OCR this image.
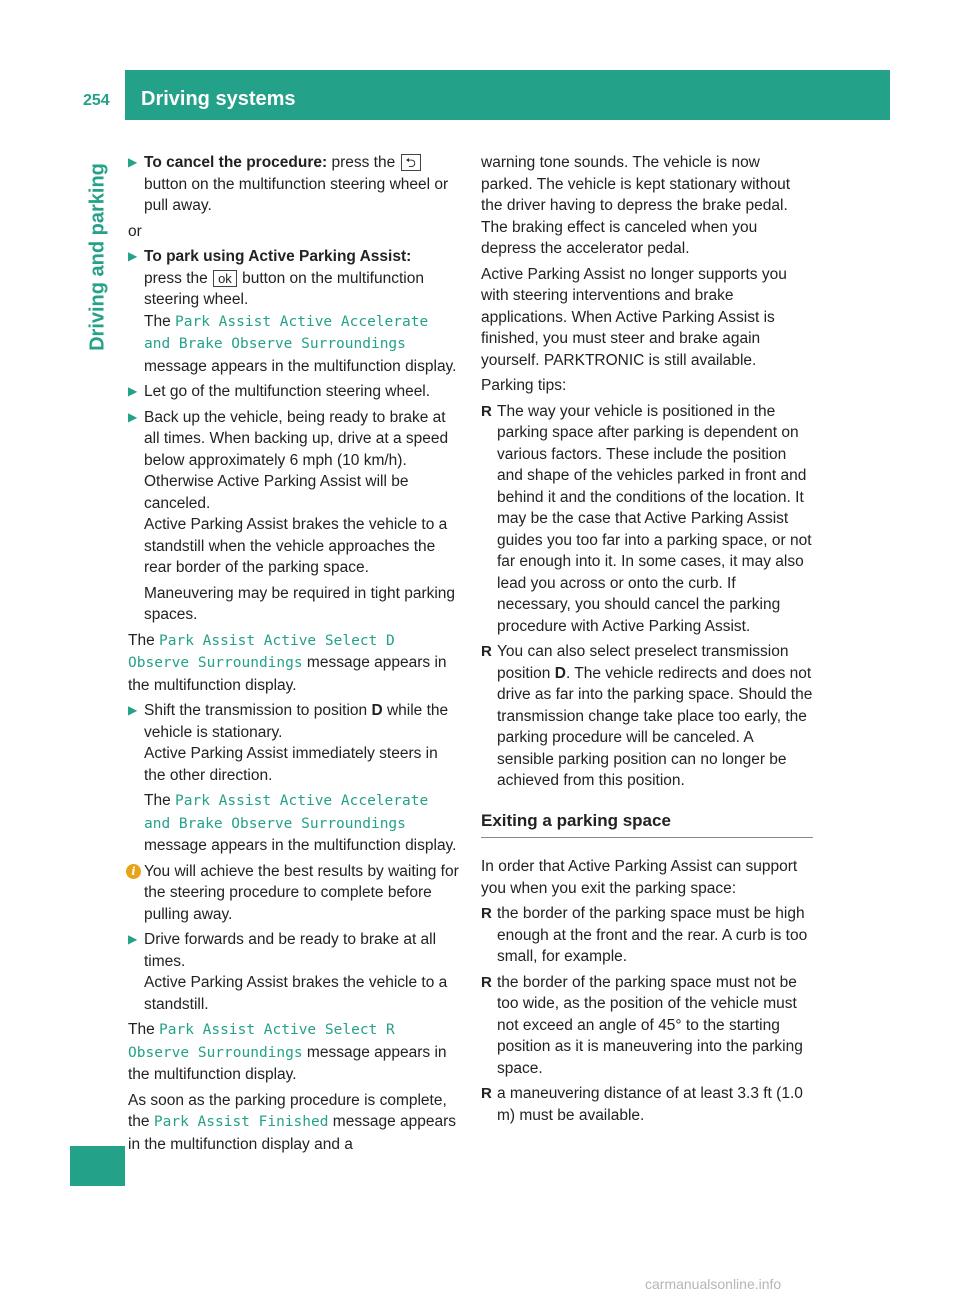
254 Driving systems
Driving and parking
▶ To cancel the procedure: press the ⮌ button on the multifunction steering wheel or pull away.

or

▶ To park using Active Parking Assist:
press the ok button on the multifunction steering wheel.
The Park Assist Active Accelerate and Brake Observe Surroundings message appears in the multifunction display.
▶ Let go of the multifunction steering wheel.
▶ Back up the vehicle, being ready to brake at all times. When backing up, drive at a speed below approximately 6 mph (10 km/h).
Otherwise Active Parking Assist will be canceled.
Active Parking Assist brakes the vehicle to a standstill when the vehicle approaches the rear border of the parking space.

Maneuvering may be required in tight parking spaces.

The Park Assist Active Select D Observe Surroundings message appears in the multifunction display.

▶ Shift the transmission to position D while the vehicle is stationary.
Active Parking Assist immediately steers in the other direction.

The Park Assist Active Accelerate and Brake Observe Surroundings message appears in the multifunction display.

i You will achieve the best results by waiting for the steering procedure to complete before pulling away.
▶ Drive forwards and be ready to brake at all times.
Active Parking Assist brakes the vehicle to a standstill.

The Park Assist Active Select R Observe Surroundings message appears in the multifunction display.

As soon as the parking procedure is complete, the Park Assist Finished message appears in the multifunction display and a

warning tone sounds. The vehicle is now parked. The vehicle is kept stationary without the driver having to depress the brake pedal. The braking effect is canceled when you depress the accelerator pedal.

Active Parking Assist no longer supports you with steering interventions and brake applications. When Active Parking Assist is finished, you must steer and brake again yourself. PARKTRONIC is still available.

Parking tips:

R The way your vehicle is positioned in the parking space after parking is dependent on various factors. These include the position and shape of the vehicles parked in front and behind it and the conditions of the location. It may be the case that Active Parking Assist guides you too far into a parking space, or not far enough into it. In some cases, it may also lead you across or onto the curb. If necessary, you should cancel the parking procedure with Active Parking Assist.
R You can also select preselect transmission position D. The vehicle redirects and does not drive as far into the parking space. Should the transmission change take place too early, the parking procedure will be canceled. A sensible parking position can no longer be achieved from this position.
Exiting a parking space

In order that Active Parking Assist can support you when you exit the parking space:

R the border of the parking space must be high enough at the front and the rear. A curb is too small, for example.
R the border of the parking space must not be too wide, as the position of the vehicle must not exceed an angle of 45° to the starting position as it is maneuvering into the parking space.
R a maneuvering distance of at least 3.3 ft (1.0 m) must be available.
carmanualsonline.info
